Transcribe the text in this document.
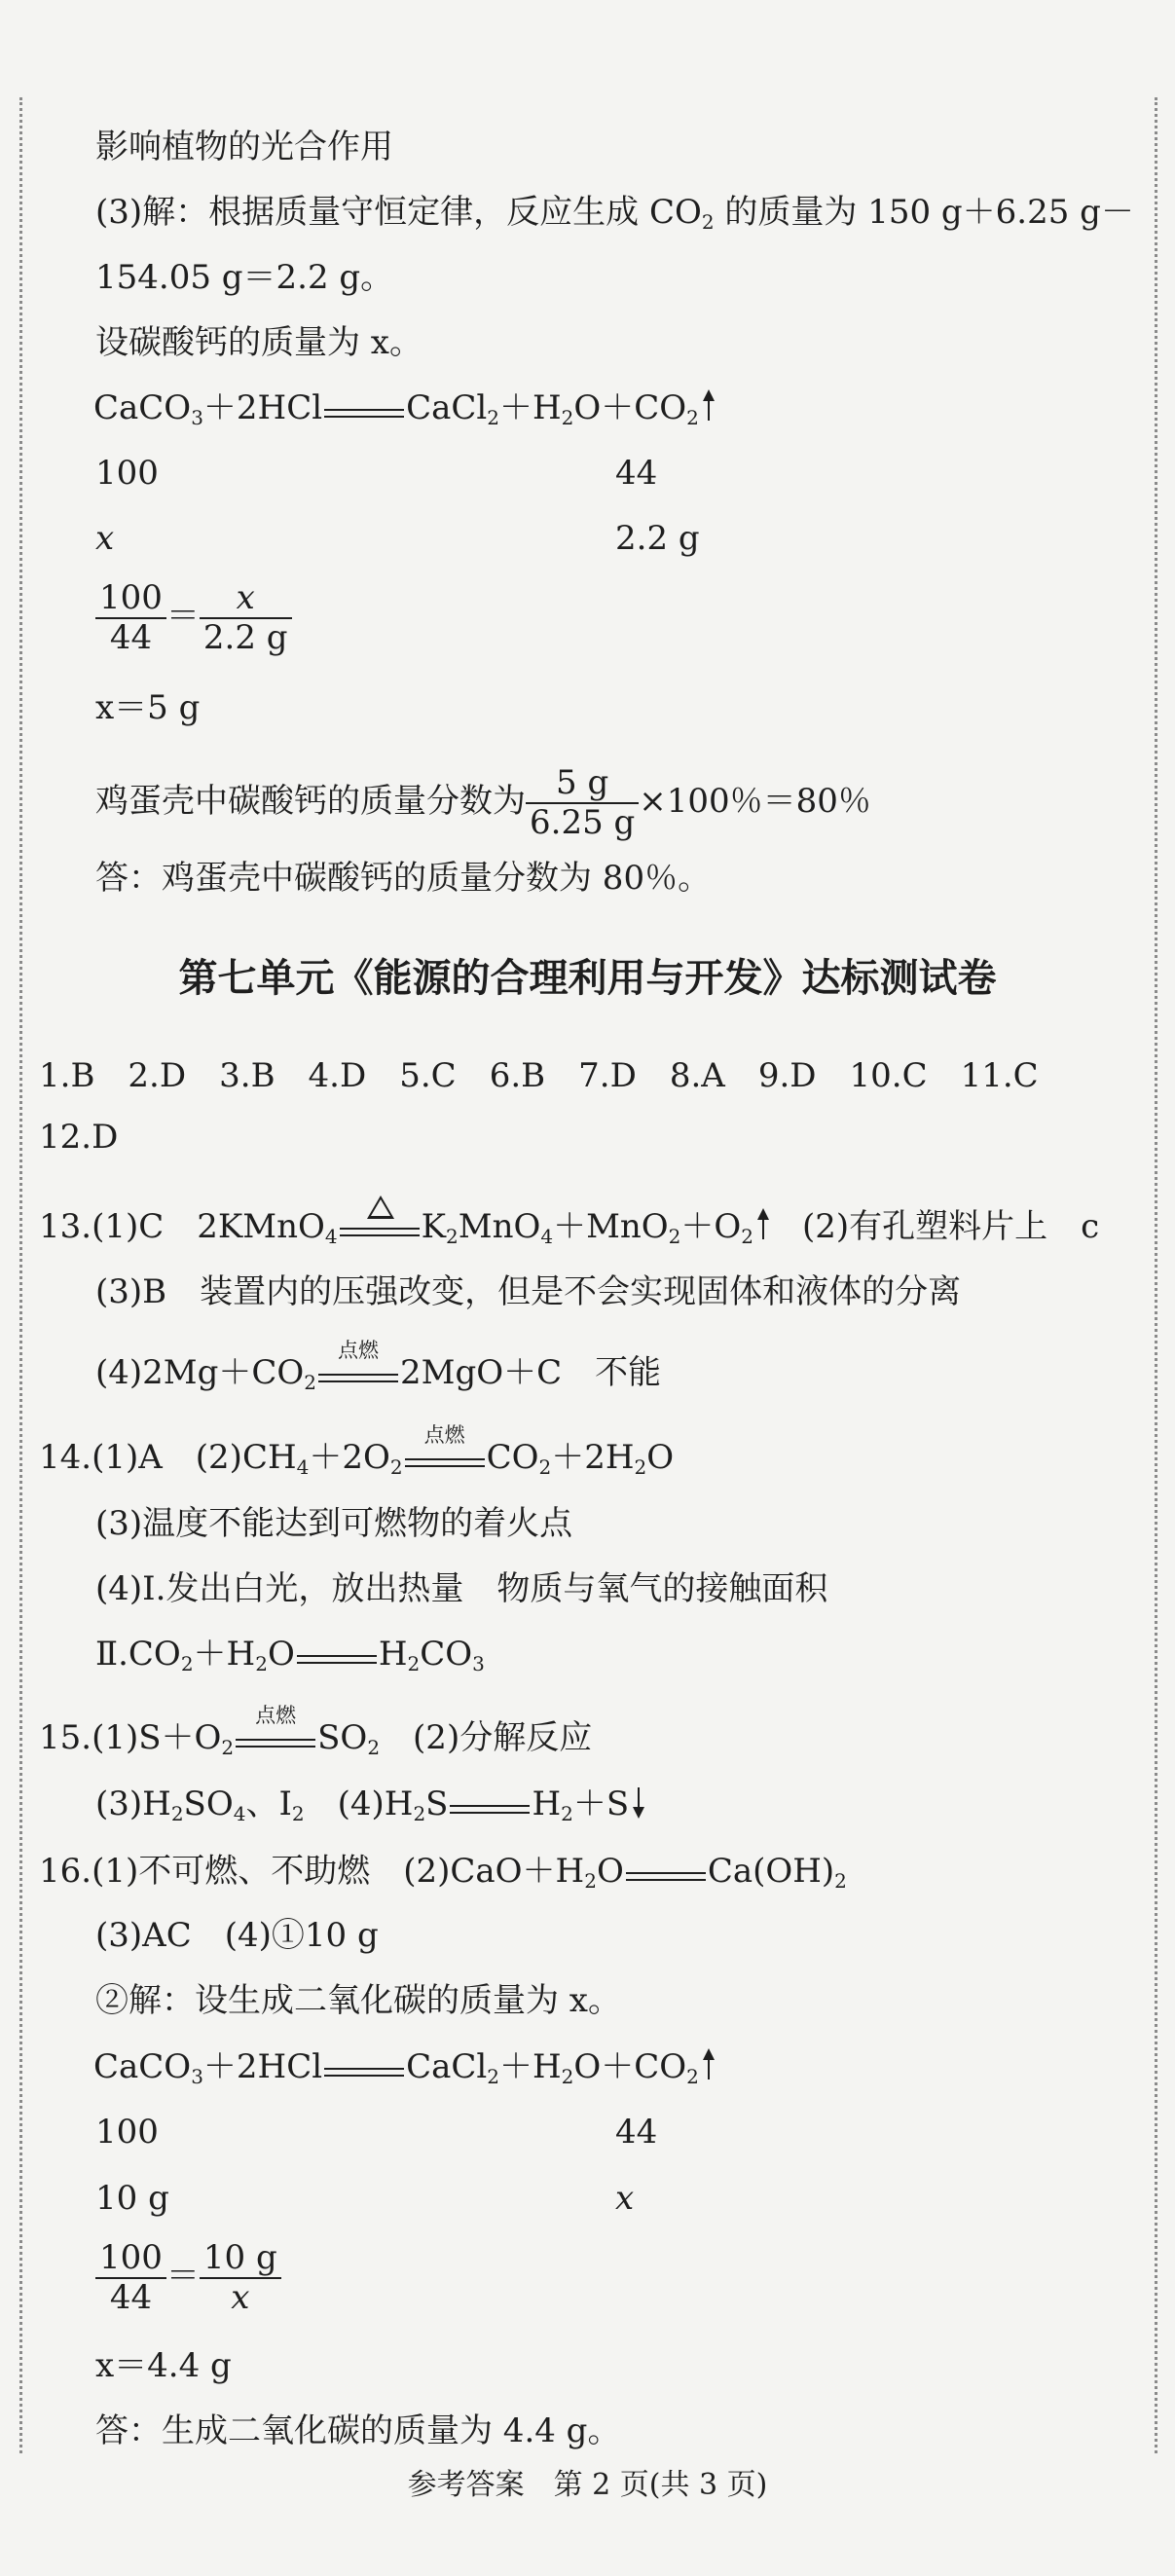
影响植物的光合作用
(3)解：根据质量守恒定律，反应生成 $CO_2$ 的质量为 150 g＋6.25 g－
154.05 g＝2.2 g。
设碳酸钙的质量为 x。
CaCO$_3$＋2HCl	$CaCl_2+H_2O+CO_2$
100	44
x	2.2 g
$\frac{100}{44} = \frac{x}{2.2 g}$
x＝5 g
鸡蛋壳中碳酸钙的质量分数为 $\frac{5 g}{6.25 g} \times 100$％＝80％
答：鸡蛋壳中碳酸钙的质量分数为 80％。
第七单元《能源的合理利用与开发》达标测试卷
1.B　2.D　3.B　4.D　5.C　6.B　7.D　8.A　9.D　10.C　11.C
12.D
13.(1)C　2KMnO$_4$	$K_2MnO_4+MnO_2+O_2$　(2)有孔塑料片上　c
(3)B　装置内的压强改变，但是不会实现固体和液体的分离
$(4)2Mg+CO_2$
点燃
2MgO＋C　不能
14.(1)A　$(2)CH_4+2O_2$
点燃
$CO_2+2H_2O$
(3)温度不能达到可燃物的着火点
(4)Ⅰ.发出白光，放出热量　物质与氧气的接触面积
$Ⅱ.CO_2+H_2O$	$H_2CO_3$
$15.(1)S+O_2$
点燃
$SO_2$　(2)分解反应
$(3)H_2SO_4$、$I_2$　$(4)H_2S$	$H_2+S$
16.(1)不可燃、不助燃　$(2)CaO+H_2O$	$Ca(OH)_2$
(3)AC　(4)①10 g
②解：设生成二氧化碳的质量为 x。
CaCO$_3$＋2HCl	$CaCl_2+H_2O+CO_2$
100	44
10 g	x
$\frac{100}{44} = \frac{10 g}{x}$
x＝4.4 g
答：生成二氧化碳的质量为 4.4 g。
参考答案　第 2 页(共 3 页)
